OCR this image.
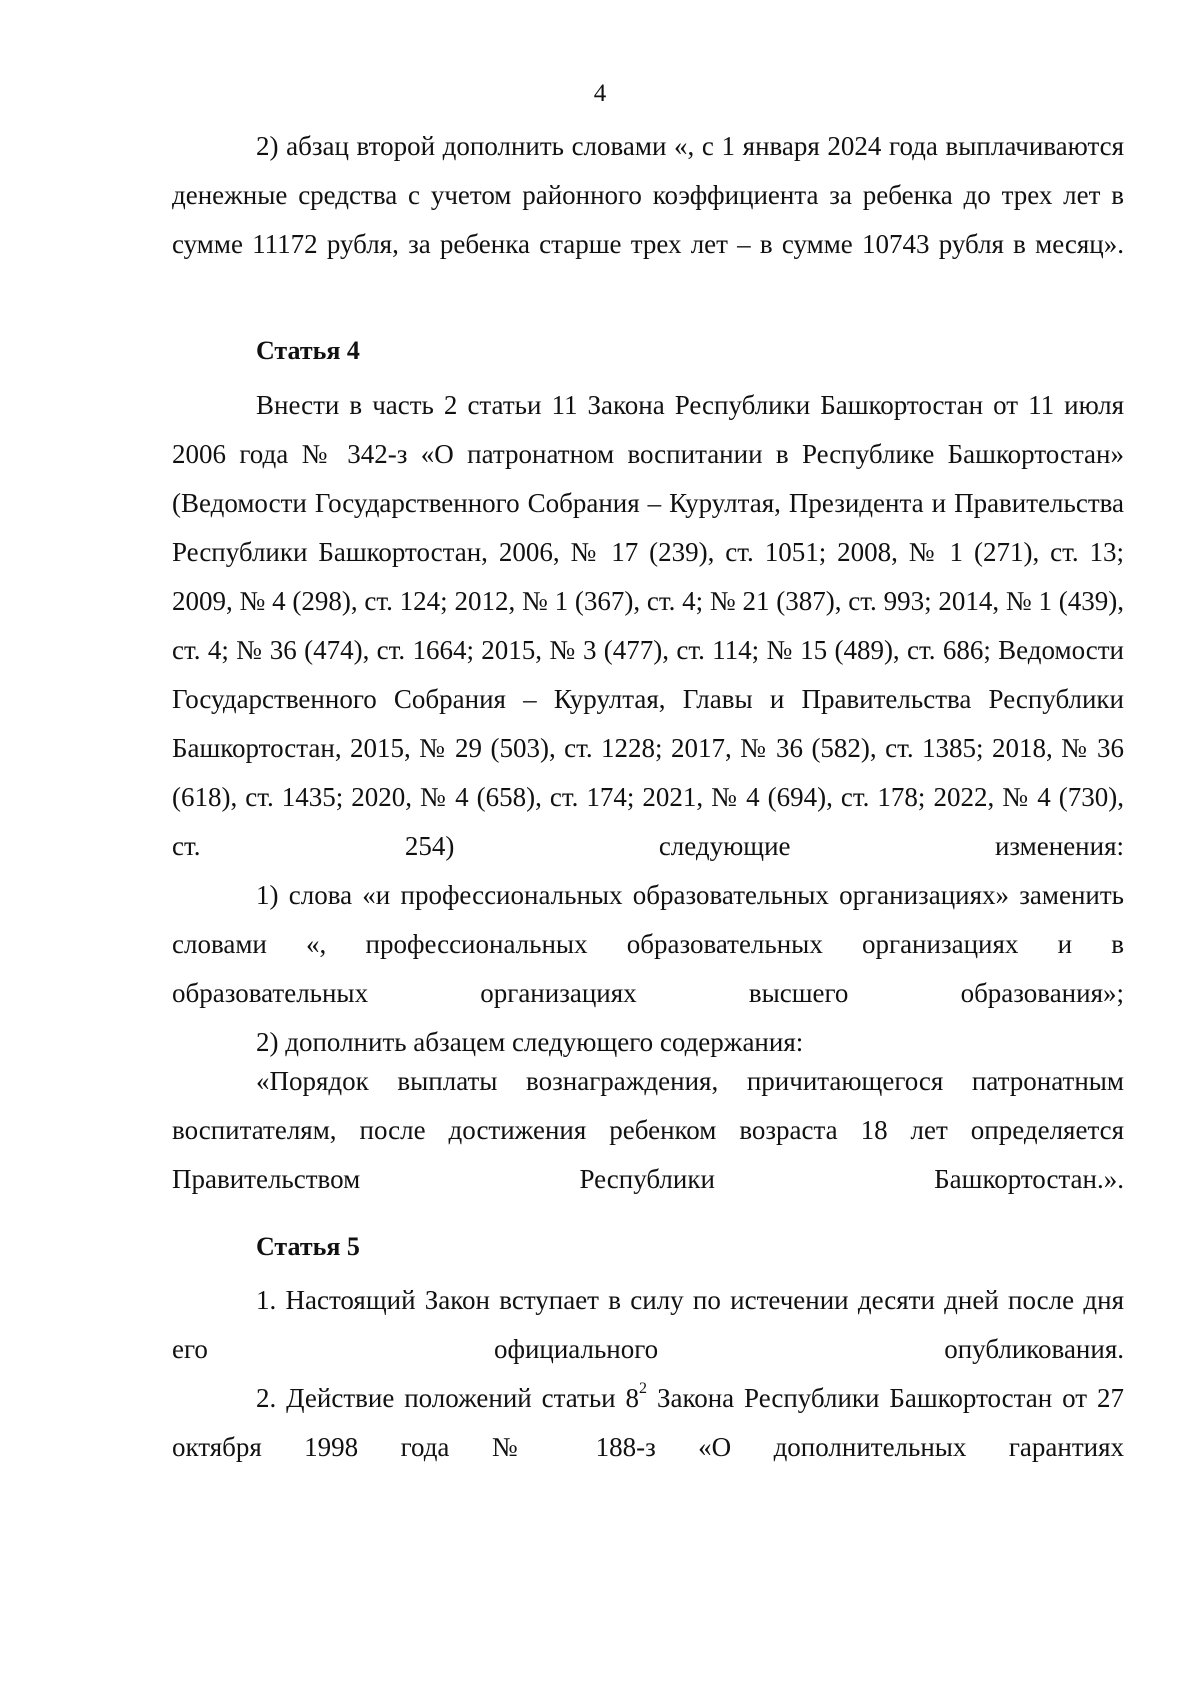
4

2) абзац второй дополнить словами «, с 1 января 2024 года выплачиваются денежные средства с учетом районного коэффициента за ребенка до трех лет в сумме 11172 рубля, за ребенка старше трех лет – в сумме 10743 рубля в месяц».

Статья 4

Внести в часть 2 статьи 11 Закона Республики Башкортостан от 11 июля 2006 года № 342-з «О патронатном воспитании в Республике Башкортостан» (Ведомости Государственного Собрания – Курултая, Президента и Правительства Республики Башкортостан, 2006, № 17 (239), ст. 1051; 2008, № 1 (271), ст. 13; 2009, № 4 (298), ст. 124; 2012, № 1 (367), ст. 4; № 21 (387), ст. 993; 2014, № 1 (439), ст. 4; № 36 (474), ст. 1664; 2015, № 3 (477), ст. 114; № 15 (489), ст. 686; Ведомости Государственного Собрания – Курултая, Главы и Правительства Республики Башкортостан, 2015, № 29 (503), ст. 1228; 2017, № 36 (582), ст. 1385; 2018, № 36 (618), ст. 1435; 2020, № 4 (658), ст. 174; 2021, № 4 (694), ст. 178; 2022, № 4 (730), ст. 254) следующие изменения:

1) слова «и профессиональных образовательных организациях» заменить словами «, профессиональных образовательных организациях и в образовательных организациях высшего образования»;

2) дополнить абзацем следующего содержания:

«Порядок выплаты вознаграждения, причитающегося патронатным воспитателям, после достижения ребенком возраста 18 лет определяется Правительством Республики Башкортостан.».

Статья 5

1. Настоящий Закон вступает в силу по истечении десяти дней после дня его официального опубликования.

2. Действие положений статьи $8^2$ Закона Республики Башкортостан от 27 октября 1998 года № 188-з «О дополнительных гарантиях
